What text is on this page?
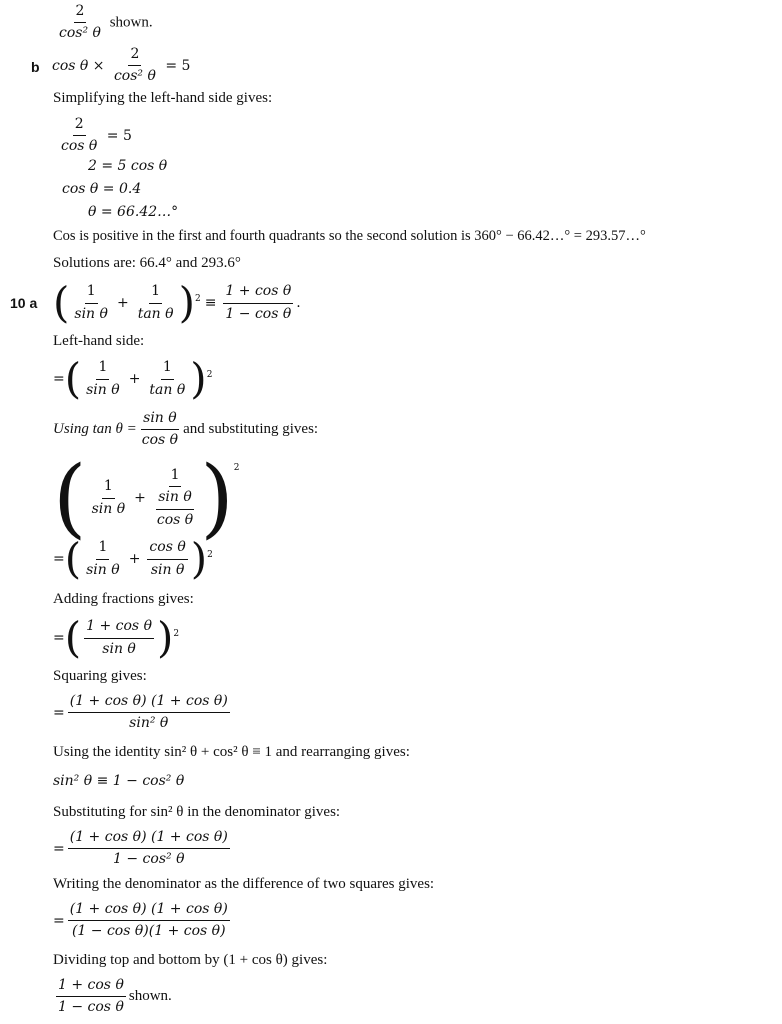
$\frac{2}{\text{cos² θ}}$ shown.
b $\cos \theta \times \frac{2}{\text{cos² θ}} = 5$
Simplifying the left-hand side gives:
$\frac{2}{\text{cos θ}} = 5$
2 = 5 cos θ
cos θ = 0.4
θ = 66.42…°
Cos is positive in the first and fourth quadrants so the second solution is 360° − 66.42…° = 293.57…°
Solutions are: 66.4° and 293.6°
10 a ( 1
sin θ
+ $\frac{1}{\text{tan θ}}$ ) 2 ≡
1 + cos θ
1 − cos θ
.
Left-hand side:
= ( 1
sin θ
+ $\frac{1}{\text{tan θ}}$ ) 2
Using $\tan \theta = \frac{\text{sin θ}}{\text{cos θ}}$ and substituting gives:
( 1
sin θ
+ $\frac{1}{\frac{\text{sin θ}}{\text{cos θ}}}$ ) 2
= ( 1
sin θ
+ $\frac{\text{cos θ}}{\text{sin θ}}$ ) 2
Adding fractions gives:
= ( 1 + cos θ
sin θ ) 2
Squaring gives:
= $\frac{\text{(1 + cos θ) (1 + cos θ)}}{\text{sin² θ}}$
Using the identity sin² θ + cos² θ ≡ 1 and rearranging gives:
sin² θ ≡ 1 − cos² θ
Substituting for sin² θ in the denominator gives:
= $\frac{\text{(1 + cos θ) (1 + cos θ)}}{\text{1 − cos² θ}}$
Writing the denominator as the difference of two squares gives:
= $\frac{\text{(1 + cos θ) (1 + cos θ)}}{\text{(1 − cos θ)(1 + cos θ)}}$
Dividing top and bottom by (1 + cos θ) gives:
1 + cos θ
1 − cos θ
shown.
